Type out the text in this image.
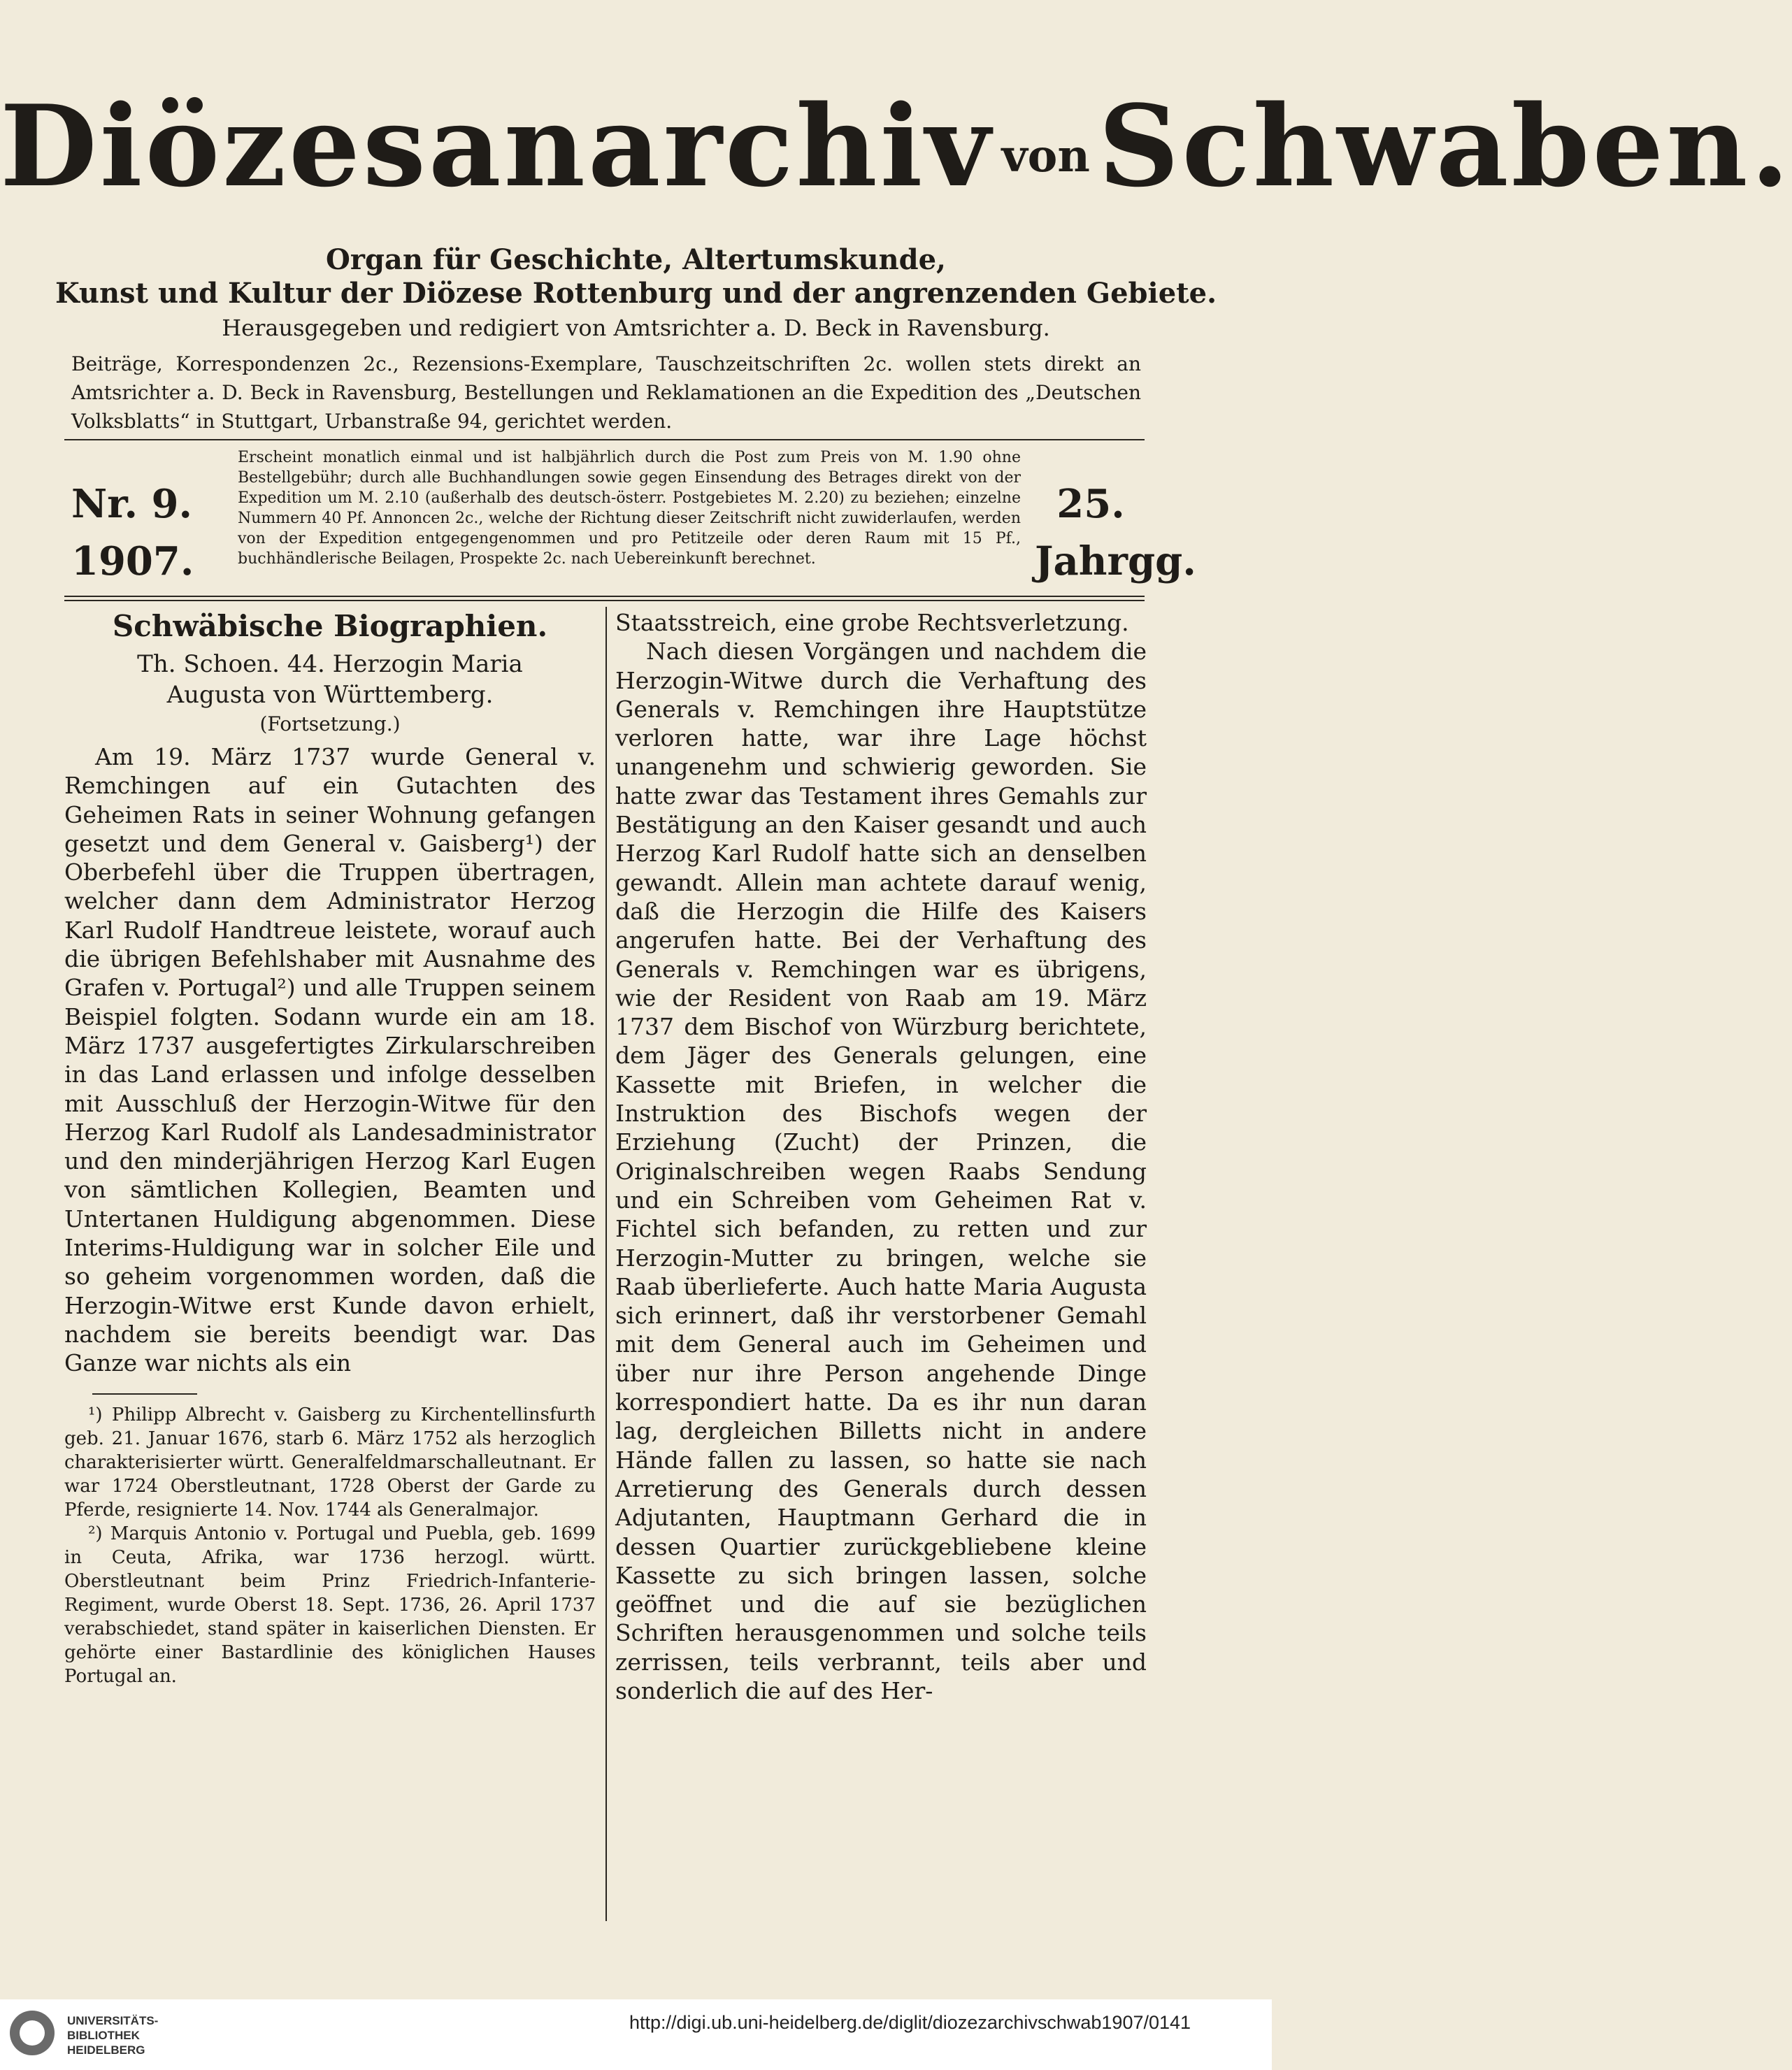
Diözesanarchiv vonSchwaben.
Organ für Geschichte, Altertumskunde,
Kunst und Kultur der Diözese Rottenburg und der angrenzenden Gebiete.
Herausgegeben und redigiert von Amtsrichter a. D. Beck in Ravensburg.
Beiträge, Korrespondenzen 2c., Rezensions-Exemplare, Tauschzeitschriften 2c. wollen stets direkt an Amtsrichter a. D. Beck in Ravensburg, Bestellungen und Reklamationen an die Expedition des „Deutschen Volksblatts“ in Stuttgart, Urbanstraße 94, gerichtet werden.
Nr. 9.
1907.
Erscheint monatlich einmal und ist halbjährlich durch die Post zum Preis von M. 1.90 ohne Bestellgebühr; durch alle Buchhandlungen sowie gegen Einsendung des Betrages direkt von der Expedition um M. 2.10 (außerhalb des deutsch-österr. Postgebietes M. 2.20) zu beziehen; einzelne Nummern 40 Pf. Annoncen 2c., welche der Richtung dieser Zeitschrift nicht zuwiderlaufen, werden von der Expedition entgegengenommen und pro Petitzeile oder deren Raum mit 15 Pf., buchhändlerische Beilagen, Prospekte 2c. nach Uebereinkunft berechnet.
25.
Jahrgg.
Schwäbische Biographien.
Th. Schoen. 44. Herzogin Maria
Augusta von Württemberg.
(Fortsetzung.)

Am 19. März 1737 wurde General v. Remchingen auf ein Gutachten des Geheimen Rats in seiner Wohnung gefangen gesetzt und dem General v. Gaisberg¹) der Oberbefehl über die Truppen übertragen, welcher dann dem Administrator Herzog Karl Rudolf Handtreue leistete, worauf auch die übrigen Befehlshaber mit Ausnahme des Grafen v. Portugal²) und alle Truppen seinem Beispiel folgten. Sodann wurde ein am 18. März 1737 ausgefertigtes Zirkularschreiben in das Land erlassen und infolge desselben mit Ausschluß der Herzogin-Witwe für den Herzog Karl Rudolf als Landesadministrator und den minderjährigen Herzog Karl Eugen von sämtlichen Kollegien, Beamten und Untertanen Huldigung abgenommen. Diese Interims-Huldigung war in solcher Eile und so geheim vorgenommen worden, daß die Herzogin-Witwe erst Kunde davon erhielt, nachdem sie bereits beendigt war. Das Ganze war nichts als ein

¹) Philipp Albrecht v. Gaisberg zu Kirchentellinsfurth geb. 21. Januar 1676, starb 6. März 1752 als herzoglich charakterisierter württ. Generalfeldmarschalleutnant. Er war 1724 Oberstleutnant, 1728 Oberst der Garde zu Pferde, resignierte 14. Nov. 1744 als Generalmajor.

²) Marquis Antonio v. Portugal und Puebla, geb. 1699 in Ceuta, Afrika, war 1736 herzogl. württ. Oberstleutnant beim Prinz Friedrich-Infanterie-Regiment, wurde Oberst 18. Sept. 1736, 26. April 1737 verabschiedet, stand später in kaiserlichen Diensten. Er gehörte einer Bastardlinie des königlichen Hauses Portugal an.

Staatsstreich, eine grobe Rechtsverletzung.

Nach diesen Vorgängen und nachdem die Herzogin-Witwe durch die Verhaftung des Generals v. Remchingen ihre Hauptstütze verloren hatte, war ihre Lage höchst unangenehm und schwierig geworden. Sie hatte zwar das Testament ihres Gemahls zur Bestätigung an den Kaiser gesandt und auch Herzog Karl Rudolf hatte sich an denselben gewandt. Allein man achtete darauf wenig, daß die Herzogin die Hilfe des Kaisers angerufen hatte. Bei der Verhaftung des Generals v. Remchingen war es übrigens, wie der Resident von Raab am 19. März 1737 dem Bischof von Würzburg berichtete, dem Jäger des Generals gelungen, eine Kassette mit Briefen, in welcher die Instruktion des Bischofs wegen der Erziehung (Zucht) der Prinzen, die Originalschreiben wegen Raabs Sendung und ein Schreiben vom Geheimen Rat v. Fichtel sich befanden, zu retten und zur Herzogin-Mutter zu bringen, welche sie Raab überlieferte. Auch hatte Maria Augusta sich erinnert, daß ihr verstorbener Gemahl mit dem General auch im Geheimen und über nur ihre Person angehende Dinge korrespondiert hatte. Da es ihr nun daran lag, dergleichen Billetts nicht in andere Hände fallen zu lassen, so hatte sie nach Arretierung des Generals durch dessen Adjutanten, Hauptmann Gerhard die in dessen Quartier zurückgebliebene kleine Kassette zu sich bringen lassen, solche geöffnet und die auf sie bezüglichen Schriften herausgenommen und solche teils zerrissen, teils verbrannt, teils aber und sonderlich die auf des Her-

UNIVERSITÄTS-
BIBLIOTHEK
HEIDELBERG
http://digi.ub.uni-heidelberg.de/diglit/diozezarchivschwab1907/0141
